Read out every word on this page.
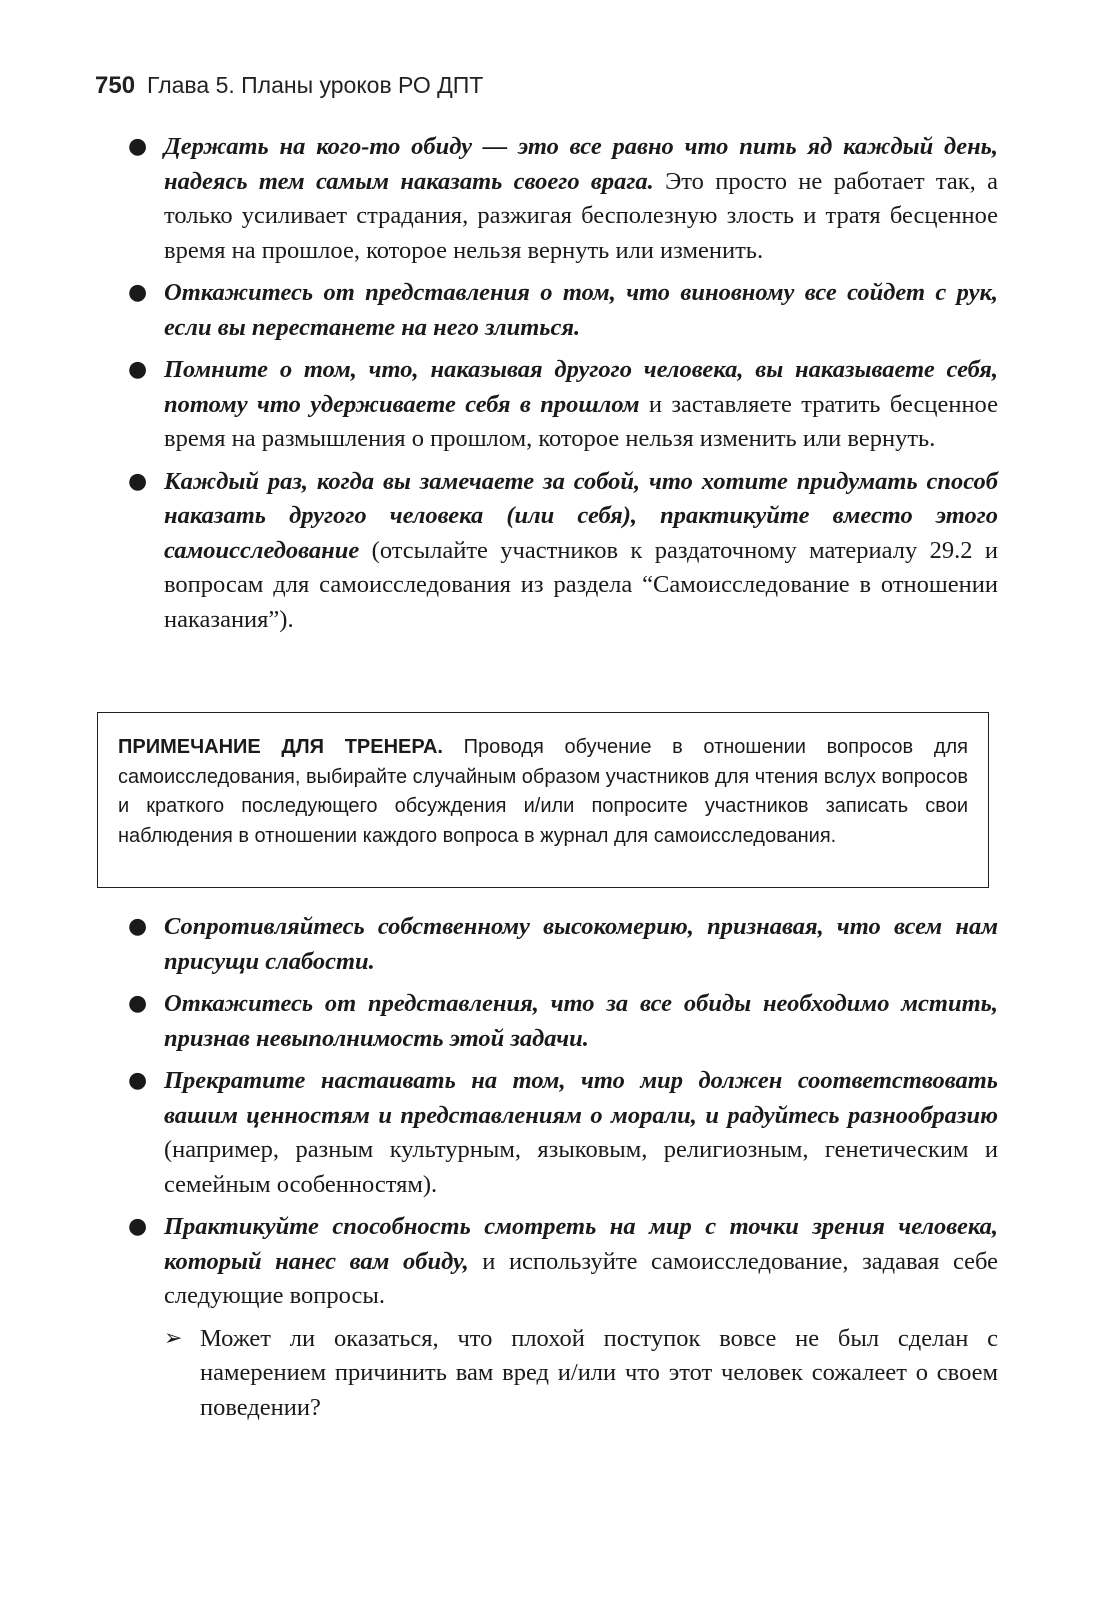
750 Глава 5. Планы уроков РО ДПТ
● Держать на кого-то обиду — это все равно что пить яд каждый день, надеясь тем самым наказать своего врага. Это просто не работает так, а только усиливает страдания, разжигая бесполезную злость и тратя бесценное время на прошлое, которое нельзя вернуть или изменить.
● Откажитесь от представления о том, что виновному все сойдет с рук, если вы перестанете на него злиться.
● Помните о том, что, наказывая другого человека, вы наказываете себя, потому что удерживаете себя в прошлом и заставляете тратить бесценное время на размышления о прошлом, которое нельзя изменить или вернуть.
● Каждый раз, когда вы замечаете за собой, что хотите придумать способ наказать другого человека (или себя), практикуйте вместо этого самоисследование (отсылайте участников к раздаточному материалу 29.2 и вопросам для самоисследования из раздела “Самоисследование в отношении наказания”).
ПРИМЕЧАНИЕ ДЛЯ ТРЕНЕРА. Проводя обучение в отношении вопросов для самоисследования, выбирайте случайным образом участников для чтения вслух вопросов и краткого последующего обсуждения и/или попросите участников записать свои наблюдения в отношении каждого вопроса в журнал для самоисследования.
● Сопротивляйтесь собственному высокомерию, признавая, что всем нам присущи слабости.
● Откажитесь от представления, что за все обиды необходимо мстить, признав невыполнимость этой задачи.
● Прекратите настаивать на том, что мир должен соответствовать вашим ценностям и представлениям о морали, и радуйтесь разнообразию (например, разным культурным, языковым, религиозным, генетическим и семейным особенностям).
● Практикуйте способность смотреть на мир с точки зрения человека, который нанес вам обиду, и используйте самоисследование, задавая себе следующие вопросы.
➢ Может ли оказаться, что плохой поступок вовсе не был сделан с намерением причинить вам вред и/или что этот человек сожалеет о своем поведении?
